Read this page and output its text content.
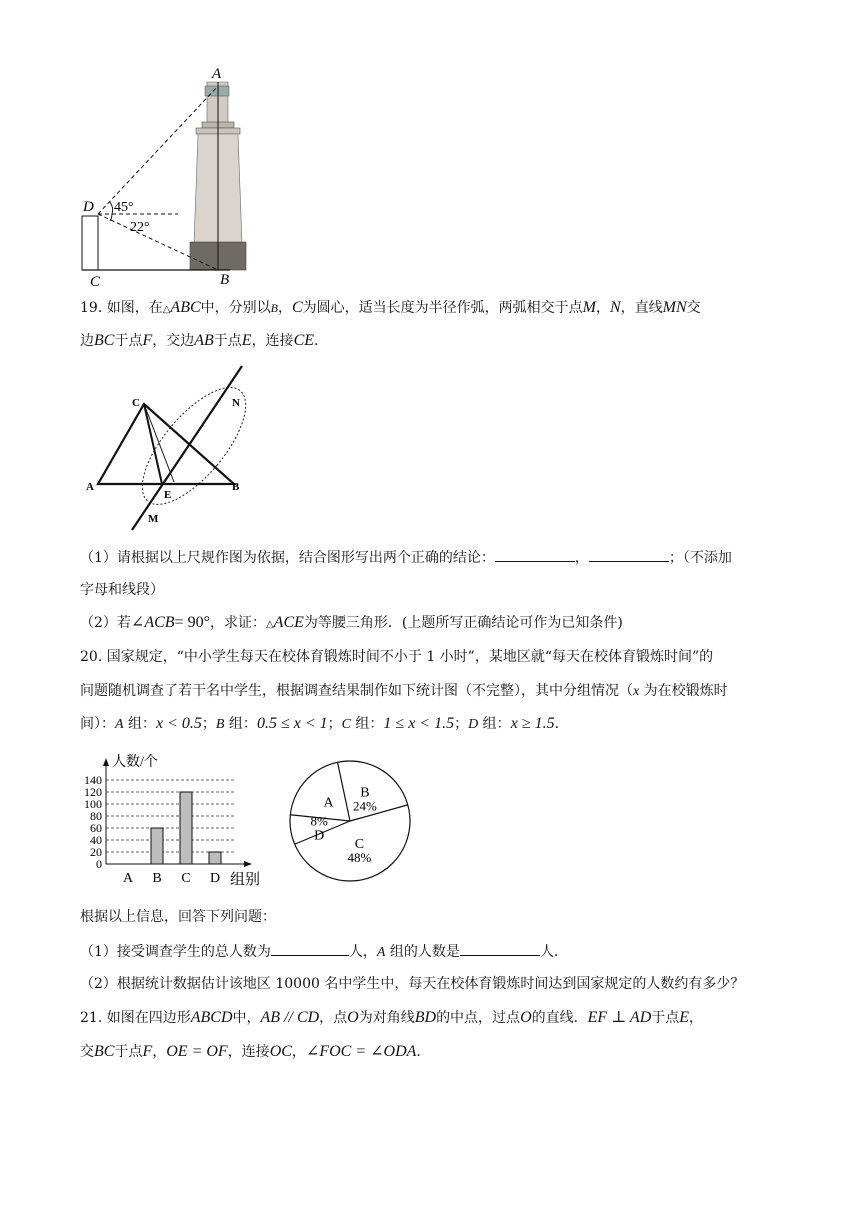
A
D
C	B
45°
22°
19. 如图，在△ABC中，分别以B，C为圆心，适当长度为半径作弧，两弧相交于点M，N，直线MN交
边BC于点F，交边AB于点E，连接CE.
C	N
A
E
B
M
（1）请根据以上尺规作图为依据，结合图形写出两个正确的结论：	，	；（不添加
字母和线段）
（2）若∠ACB= 90°，求证：△ACE为等腰三角形．(上题所写正确结论可作为已知条件)
20. 国家规定，“中小学生每天在校体育锻炼时间不小于 1 小时”，某地区就“每天在校体育锻炼时间”的
问题随机调查了若干名中学生，根据调查结果制作如下统计图（不完整），其中分组情况（x 为在校锻炼时
间）：A 组：x < 0.5；B 组：0.5 ≤ x < 1；C 组：1 ≤ x < 1.5；D 组：x ≥ 1.5.
0
20
40
60
80
100
120
140
人数/个
A B C D 组别
A 24%
B
48%
C
8%
D
根据以上信息，回答下列问题：
（1）接受调查学生的总人数为	人，A 组的人数是	人.
（2）根据统计数据估计该地区 10000 名中学生中，每天在校体育锻炼时间达到国家规定的人数约有多少？
21. 如图在四边形ABCD中，AB // CD，点O为对角线BD的中点，过点O的直线．EF ⊥ AD于点E，
交BC于点F，OE = OF，连接OC，∠FOC = ∠ODA.
